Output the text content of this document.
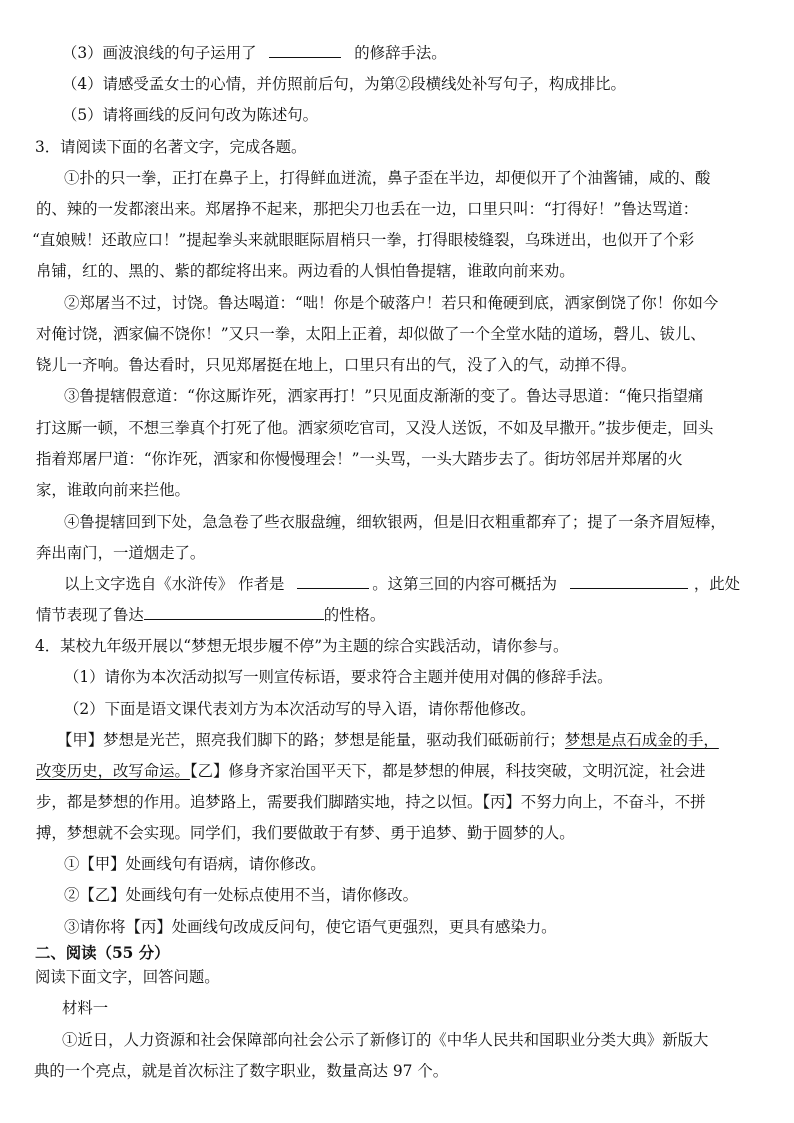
（3）画波浪线的句子运用了	的修辞手法。
（4）请感受孟女士的心情，并仿照前后句，为第②段横线处补写句子，构成排比。
（5）请将画线的反问句改为陈述句。
3．请阅读下面的名著文字，完成各题。
①扑的只一拳，正打在鼻子上，打得鲜血迸流，鼻子歪在半边，却便似开了个油酱铺，咸的、酸
的、辣的一发都滚出来。郑屠挣不起来，那把尖刀也丢在一边，口里只叫：“打得好！”鲁达骂道：
“直娘贼！还敢应口！”提起拳头来就眼眶际眉梢只一拳，打得眼棱缝裂，乌珠迸出，也似开了个彩
帛铺，红的、黑的、紫的都绽将出来。两边看的人惧怕鲁提辖，谁敢向前来劝。
②郑屠当不过，讨饶。鲁达喝道：“咄！你是个破落户！若只和俺硬到底，洒家倒饶了你！你如今
对俺讨饶，洒家偏不饶你！”又只一拳，太阳上正着，却似做了一个全堂水陆的道场，磬儿、钹儿、
铙儿一齐响。鲁达看时，只见郑屠挺在地上，口里只有出的气，没了入的气，动掸不得。
③鲁提辖假意道：“你这厮诈死，洒家再打！”只见面皮渐渐的变了。鲁达寻思道：“俺只指望痛
打这厮一顿，不想三拳真个打死了他。洒家须吃官司，又没人送饭，不如及早撒开。”拔步便走，回头
指着郑屠尸道：“你诈死，洒家和你慢慢理会！”一头骂，一头大踏步去了。街坊邻居并郑屠的火
家，谁敢向前来拦他。
④鲁提辖回到下处，急急卷了些衣服盘缠，细软银两，但是旧衣粗重都弃了；提了一条齐眉短棒，
奔出南门，一道烟走了。
以上文字选自《水浒传》 作者是	。这第三回的内容可概括为	，此处
情节表现了鲁达	的性格。
4．某校九年级开展以“梦想无垠步履不停”为主题的综合实践活动，请你参与。
（1）请你为本次活动拟写一则宣传标语，要求符合主题并使用对偶的修辞手法。
（2）下面是语文课代表刘方为本次活动写的导入语，请你帮他修改。
【甲】梦想是光芒，照亮我们脚下的路；梦想是能量，驱动我们砥砺前行；梦想是点石成金的手，
改变历史，改写命运。【乙】修身齐家治国平天下，都是梦想的伸展，科技突破，文明沉淀，社会进
步，都是梦想的作用。追梦路上，需要我们脚踏实地，持之以恒。【丙】不努力向上，不奋斗，不拼
搏，梦想就不会实现。同学们，我们要做敢于有梦、勇于追梦、勤于圆梦的人。
①【甲】处画线句有语病，请你修改。
②【乙】处画线句有一处标点使用不当，请你修改。
③请你将【丙】处画线句改成反问句，使它语气更强烈，更具有感染力。
二、阅读（55 分）
阅读下面文字，回答问题。
材料一
①近日，人力资源和社会保障部向社会公示了新修订的《中华人民共和国职业分类大典》新版大
典的一个亮点，就是首次标注了数字职业，数量高达 97 个。
